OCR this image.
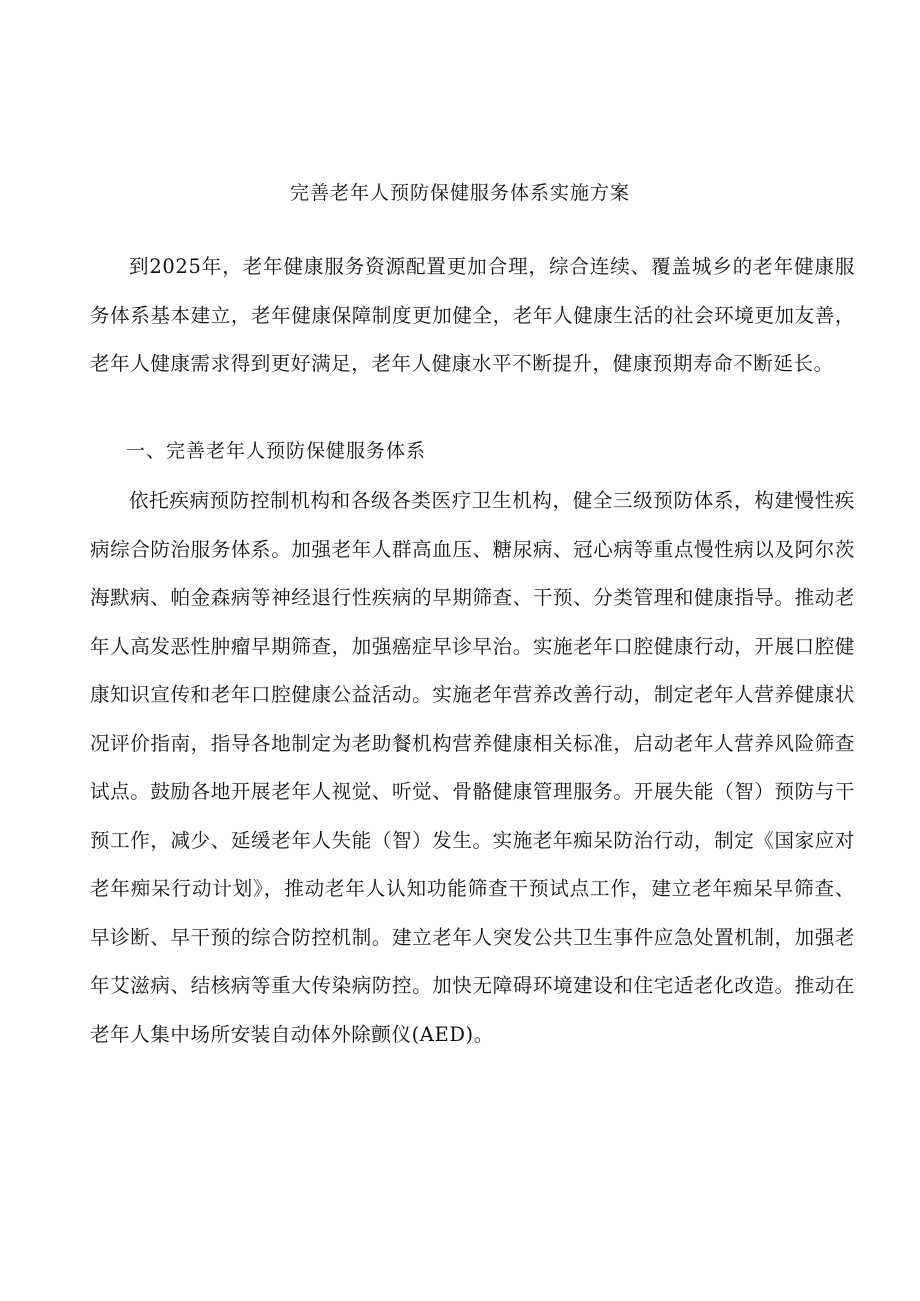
完善老年人预防保健服务体系实施方案

到2025年，老年健康服务资源配置更加合理，综合连续、覆盖城乡的老年健康服务体系基本建立，老年健康保障制度更加健全，老年人健康生活的社会环境更加友善，老年人健康需求得到更好满足，老年人健康水平不断提升，健康预期寿命不断延长。

一、完善老年人预防保健服务体系

依托疾病预防控制机构和各级各类医疗卫生机构，健全三级预防体系，构建慢性疾病综合防治服务体系。加强老年人群高血压、糖尿病、冠心病等重点慢性病以及阿尔茨海默病、帕金森病等神经退行性疾病的早期筛查、干预、分类管理和健康指导。推动老年人高发恶性肿瘤早期筛查，加强癌症早诊早治。实施老年口腔健康行动，开展口腔健康知识宣传和老年口腔健康公益活动。实施老年营养改善行动，制定老年人营养健康状况评价指南，指导各地制定为老助餐机构营养健康相关标准，启动老年人营养风险筛查试点。鼓励各地开展老年人视觉、听觉、骨骼健康管理服务。开展失能（智）预防与干预工作，减少、延缓老年人失能（智）发生。实施老年痴呆防治行动，制定《国家应对老年痴呆行动计划》，推动老年人认知功能筛查干预试点工作，建立老年痴呆早筛查、早诊断、早干预的综合防控机制。建立老年人突发公共卫生事件应急处置机制，加强老年艾滋病、结核病等重大传染病防控。加快无障碍环境建设和住宅适老化改造。推动在老年人集中场所安装自动体外除颤仪(AED)。
